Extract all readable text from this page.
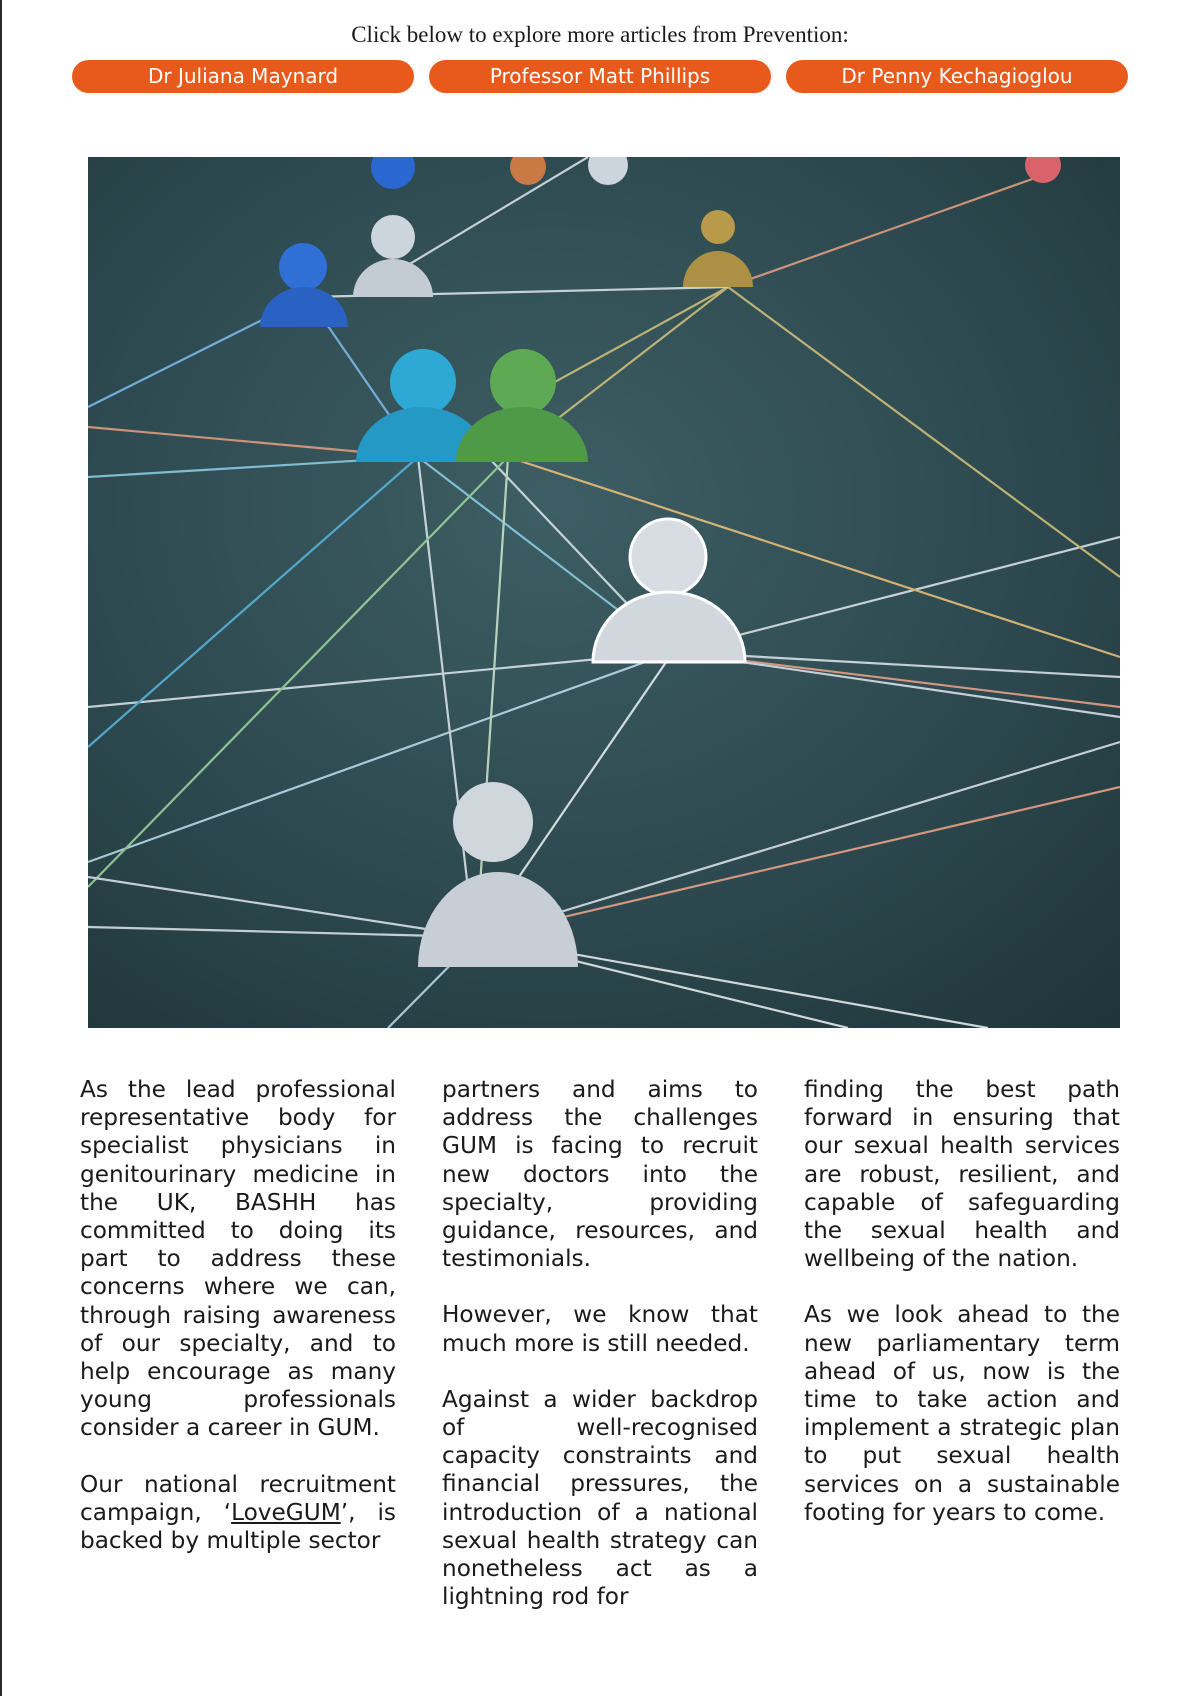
Click below to explore more articles from Prevention:
Dr Juliana Maynard	Professor Matt Phillips	Dr Penny Kechagioglou

As the lead professional representative body for specialist physicians in genitourinary medicine in the UK, BASHH has committed to doing its part to address these concerns where we can, through raising awareness of our specialty, and to help encourage as many young professionals consider a career in GUM.

Our national recruitment campaign, ‘LoveGUM’, is backed by multiple sector

partners and aims to address the challenges GUM is facing to recruit new doctors into the specialty, providing guidance, resources, and testimonials.

However, we know that much more is still needed.

Against a wider backdrop of well-recognised capacity constraints and financial pressures, the introduction of a national sexual health strategy can nonetheless act as a lightning rod for

finding the best path forward in ensuring that our sexual health services are robust, resilient, and capable of safeguarding the sexual health and wellbeing of the nation.

As we look ahead to the new parliamentary term ahead of us, now is the time to take action and implement a strategic plan to put sexual health services on a sustainable footing for years to come.
